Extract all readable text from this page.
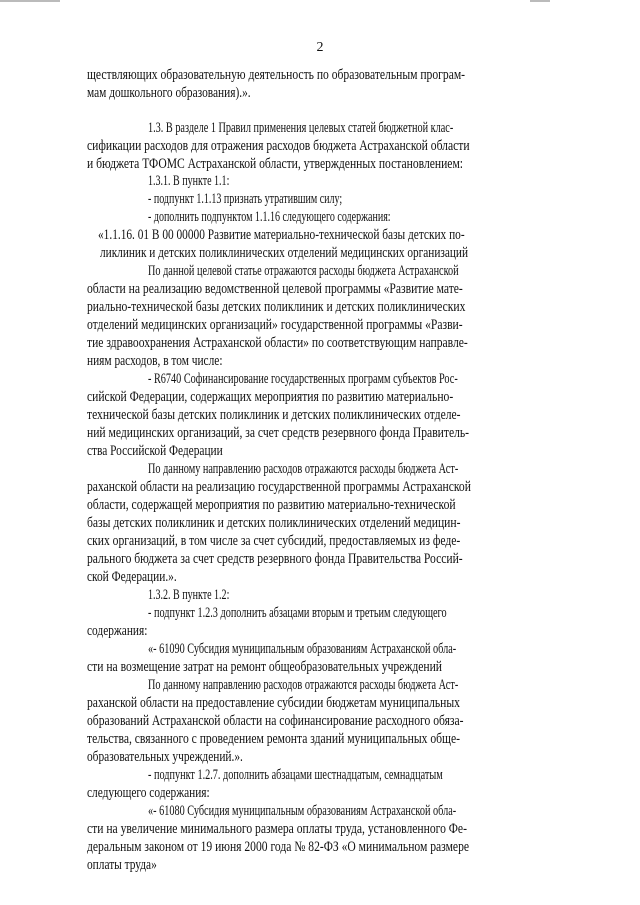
2
ществляющих образовательную деятельность по образовательным програм-
мам дошкольного образования).».
1.3. В разделе 1 Правил применения целевых статей бюджетной клас-
сификации расходов для отражения расходов бюджета Астраханской области
и бюджета ТФОМС Астраханской области, утвержденных постановлением:
1.3.1. В пункте 1.1:
- подпункт 1.1.13 признать утратившим силу;
- дополнить подпунктом 1.1.16 следующего содержания:
«1.1.16. 01 В 00 00000 Развитие материально-технической базы детских по-
ликлиник и детских поликлинических отделений медицинских организаций
По данной целевой статье отражаются расходы бюджета Астраханской
области на реализацию ведомственной целевой программы «Развитие мате-
риально-технической базы детских поликлиник и детских поликлинических
отделений медицинских организаций» государственной программы «Разви-
тие здравоохранения Астраханской области» по соответствующим направле-
ниям расходов, в том числе:
- R6740 Софинансирование государственных программ субъектов Рос-
сийской Федерации, содержащих мероприятия по развитию материально-
технической базы детских поликлиник и детских поликлинических отделе-
ний медицинских организаций, за счет средств резервного фонда Правитель-
ства Российской Федерации
По данному направлению расходов отражаются расходы бюджета Аст-
раханской области на реализацию государственной программы Астраханской
области, содержащей мероприятия по развитию материально-технической
базы детских поликлиник и детских поликлинических отделений медицин-
ских организаций, в том числе за счет субсидий, предоставляемых из феде-
рального бюджета за счет средств резервного фонда Правительства Россий-
ской Федерации.».
1.3.2. В пункте 1.2:
- подпункт 1.2.3 дополнить абзацами вторым и третьим следующего
содержания:
«- 61090 Субсидия муниципальным образованиям Астраханской обла-
сти на возмещение затрат на ремонт общеобразовательных учреждений
По данному направлению расходов отражаются расходы бюджета Аст-
раханской области на предоставление субсидии бюджетам муниципальных
образований Астраханской области на софинансирование расходного обяза-
тельства, связанного с проведением ремонта зданий муниципальных обще-
образовательных учреждений.».
- подпункт 1.2.7. дополнить абзацами шестнадцатым, семнадцатым
следующего содержания:
«- 61080 Субсидия муниципальным образованиям Астраханской обла-
сти на увеличение минимального размера оплаты труда, установленного Фе-
деральным законом от 19 июня 2000 года № 82-ФЗ «О минимальном размере
оплаты труда»
